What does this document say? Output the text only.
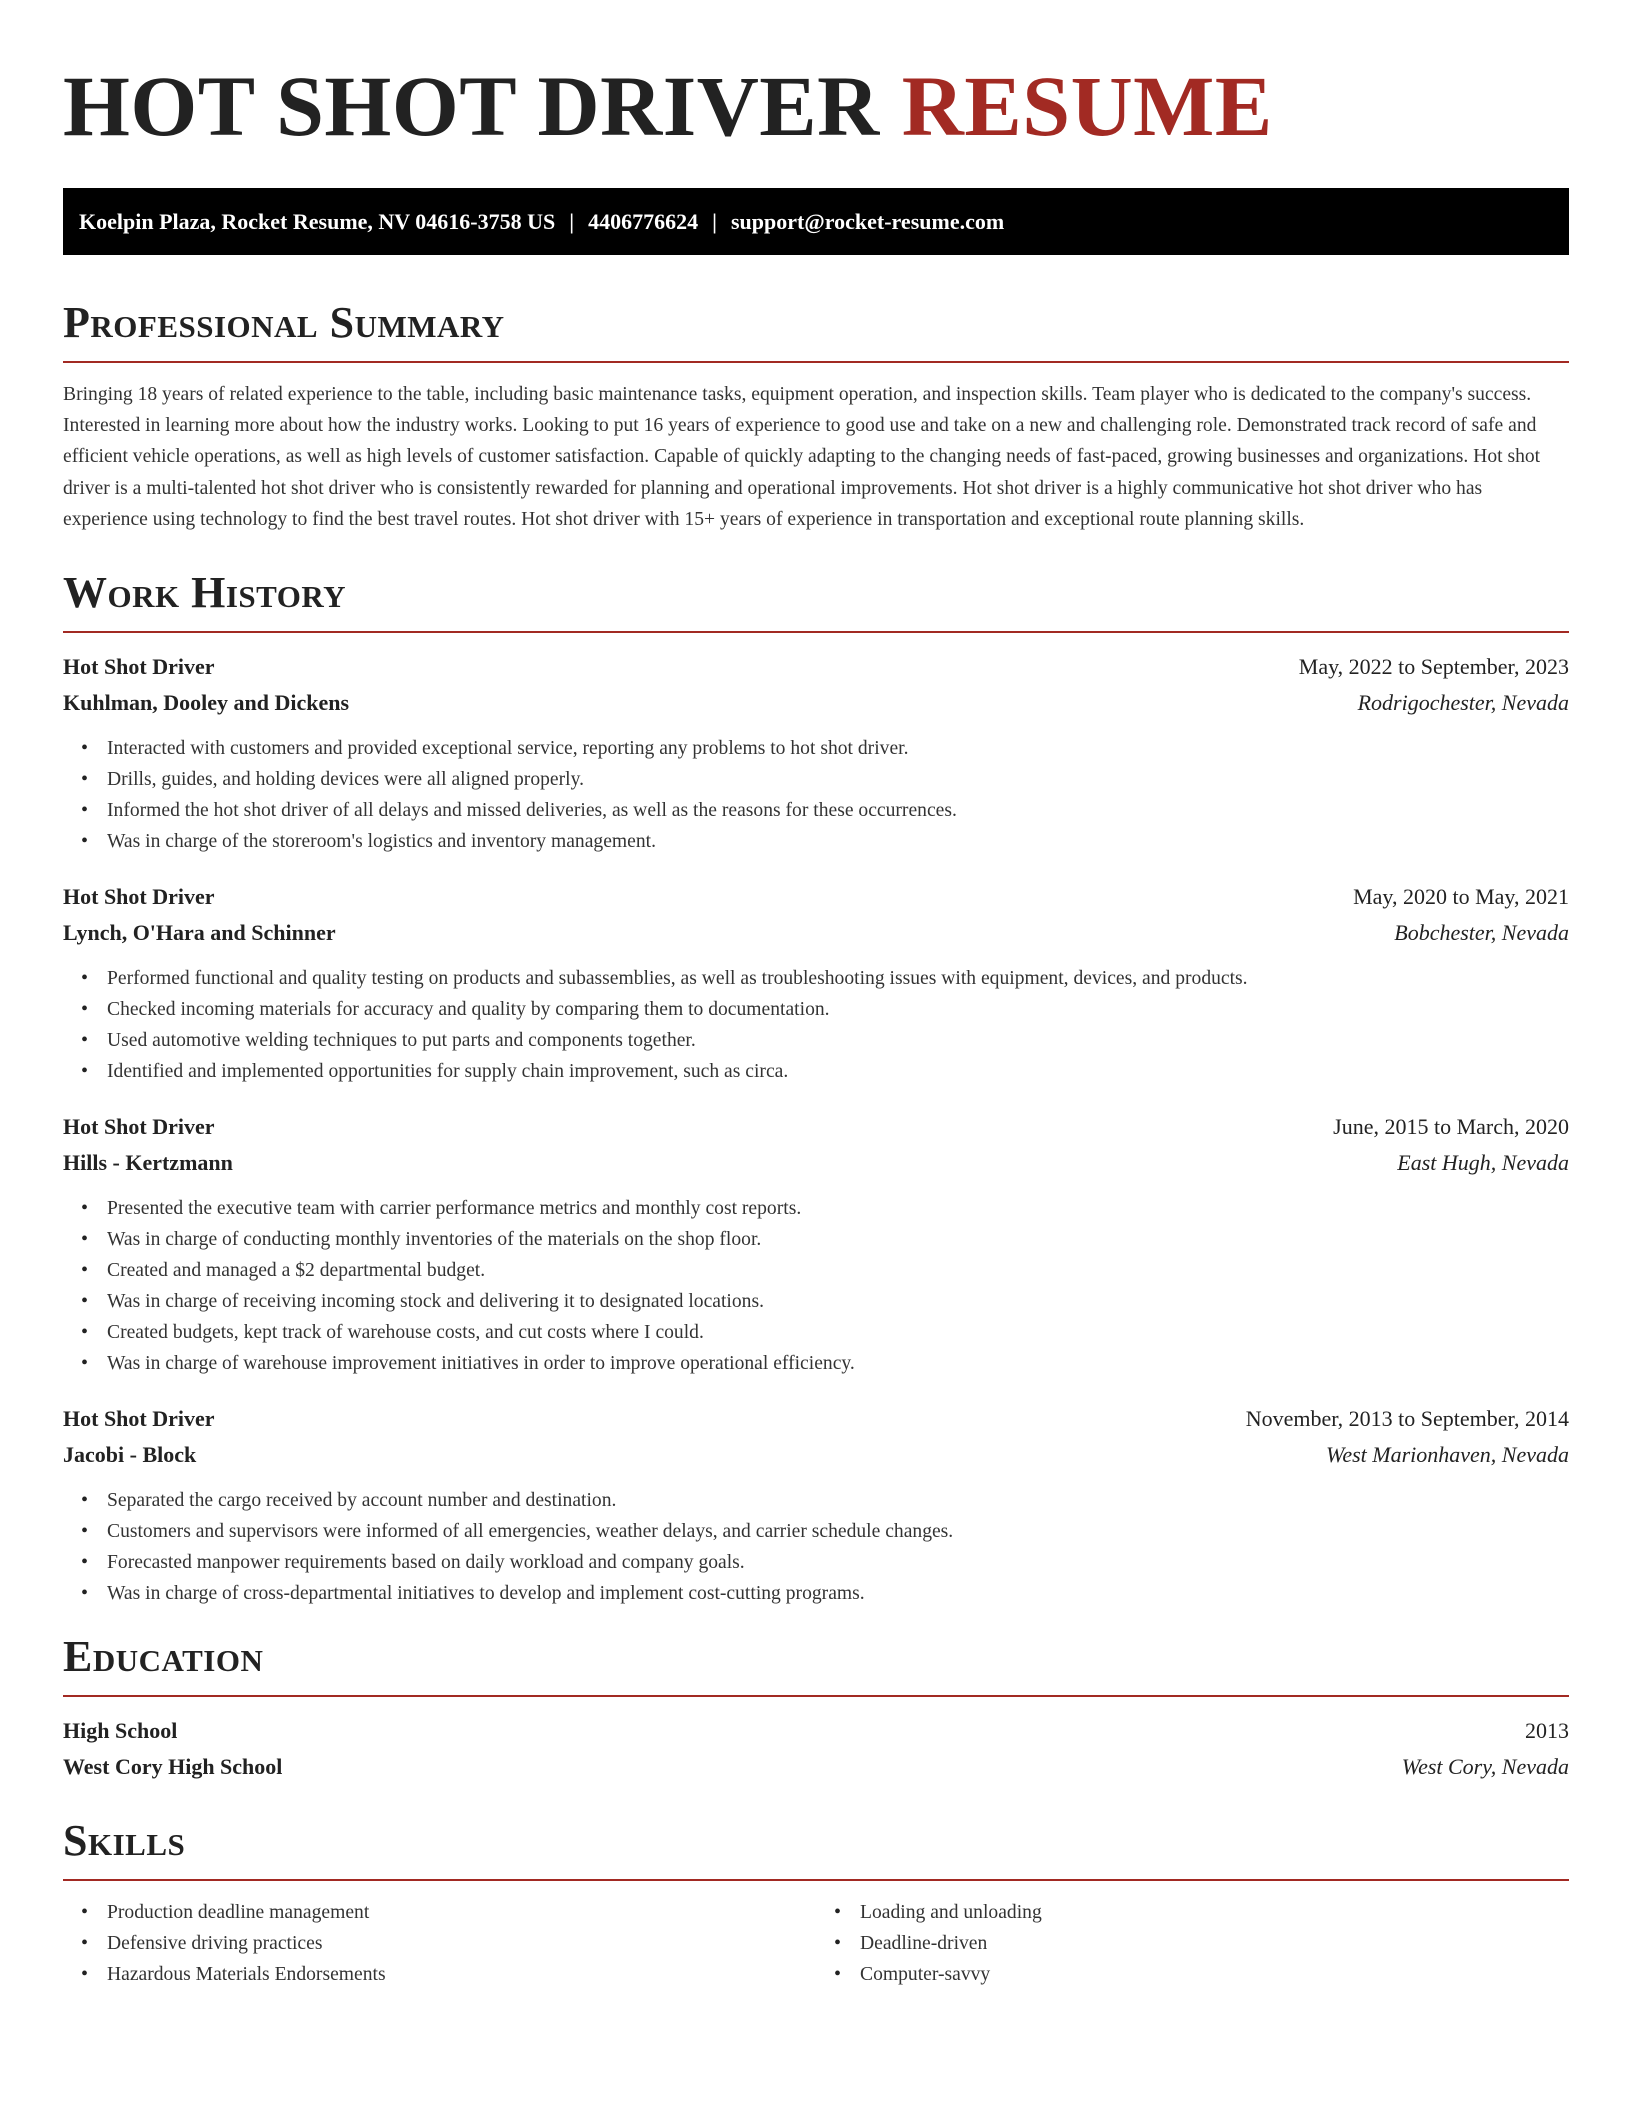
HOT SHOT DRIVER RESUME
Koelpin Plaza, Rocket Resume, NV 04616-3758 US | 4406776624 | support@rocket-resume.com
Professional Summary

Bringing 18 years of related experience to the table, including basic maintenance tasks, equipment operation, and inspection skills. Team player who is dedicated to the company's success. Interested in learning more about how the industry works. Looking to put 16 years of experience to good use and take on a new and challenging role. Demonstrated track record of safe and efficient vehicle operations, as well as high levels of customer satisfaction. Capable of quickly adapting to the changing needs of fast-paced, growing businesses and organizations. Hot shot driver is a multi-talented hot shot driver who is consistently rewarded for planning and operational improvements. Hot shot driver is a highly communicative hot shot driver who has experience using technology to find the best travel routes. Hot shot driver with 15+ years of experience in transportation and exceptional route planning skills.

Work History
Hot Shot Driver	May, 2022 to September, 2023
Kuhlman, Dooley and Dickens	Rodrigochester, Nevada
• Interacted with customers and provided exceptional service, reporting any problems to hot shot driver.
• Drills, guides, and holding devices were all aligned properly.
• Informed the hot shot driver of all delays and missed deliveries, as well as the reasons for these occurrences.
• Was in charge of the storeroom's logistics and inventory management.
Hot Shot Driver	May, 2020 to May, 2021
Lynch, O'Hara and Schinner	Bobchester, Nevada
• Performed functional and quality testing on products and subassemblies, as well as troubleshooting issues with equipment, devices, and products.
• Checked incoming materials for accuracy and quality by comparing them to documentation.
• Used automotive welding techniques to put parts and components together.
• Identified and implemented opportunities for supply chain improvement, such as circa.
Hot Shot Driver	June, 2015 to March, 2020
Hills - Kertzmann	East Hugh, Nevada
• Presented the executive team with carrier performance metrics and monthly cost reports.
• Was in charge of conducting monthly inventories of the materials on the shop floor.
• Created and managed a $2 departmental budget.
• Was in charge of receiving incoming stock and delivering it to designated locations.
• Created budgets, kept track of warehouse costs, and cut costs where I could.
• Was in charge of warehouse improvement initiatives in order to improve operational efficiency.
Hot Shot Driver	November, 2013 to September, 2014
Jacobi - Block	West Marionhaven, Nevada
• Separated the cargo received by account number and destination.
• Customers and supervisors were informed of all emergencies, weather delays, and carrier schedule changes.
• Forecasted manpower requirements based on daily workload and company goals.
• Was in charge of cross-departmental initiatives to develop and implement cost-cutting programs.
Education
High School	2013
West Cory High School	West Cory, Nevada
Skills
• Production deadline management
• Defensive driving practices
• Hazardous Materials Endorsements
• Loading and unloading
• Deadline-driven
• Computer-savvy
